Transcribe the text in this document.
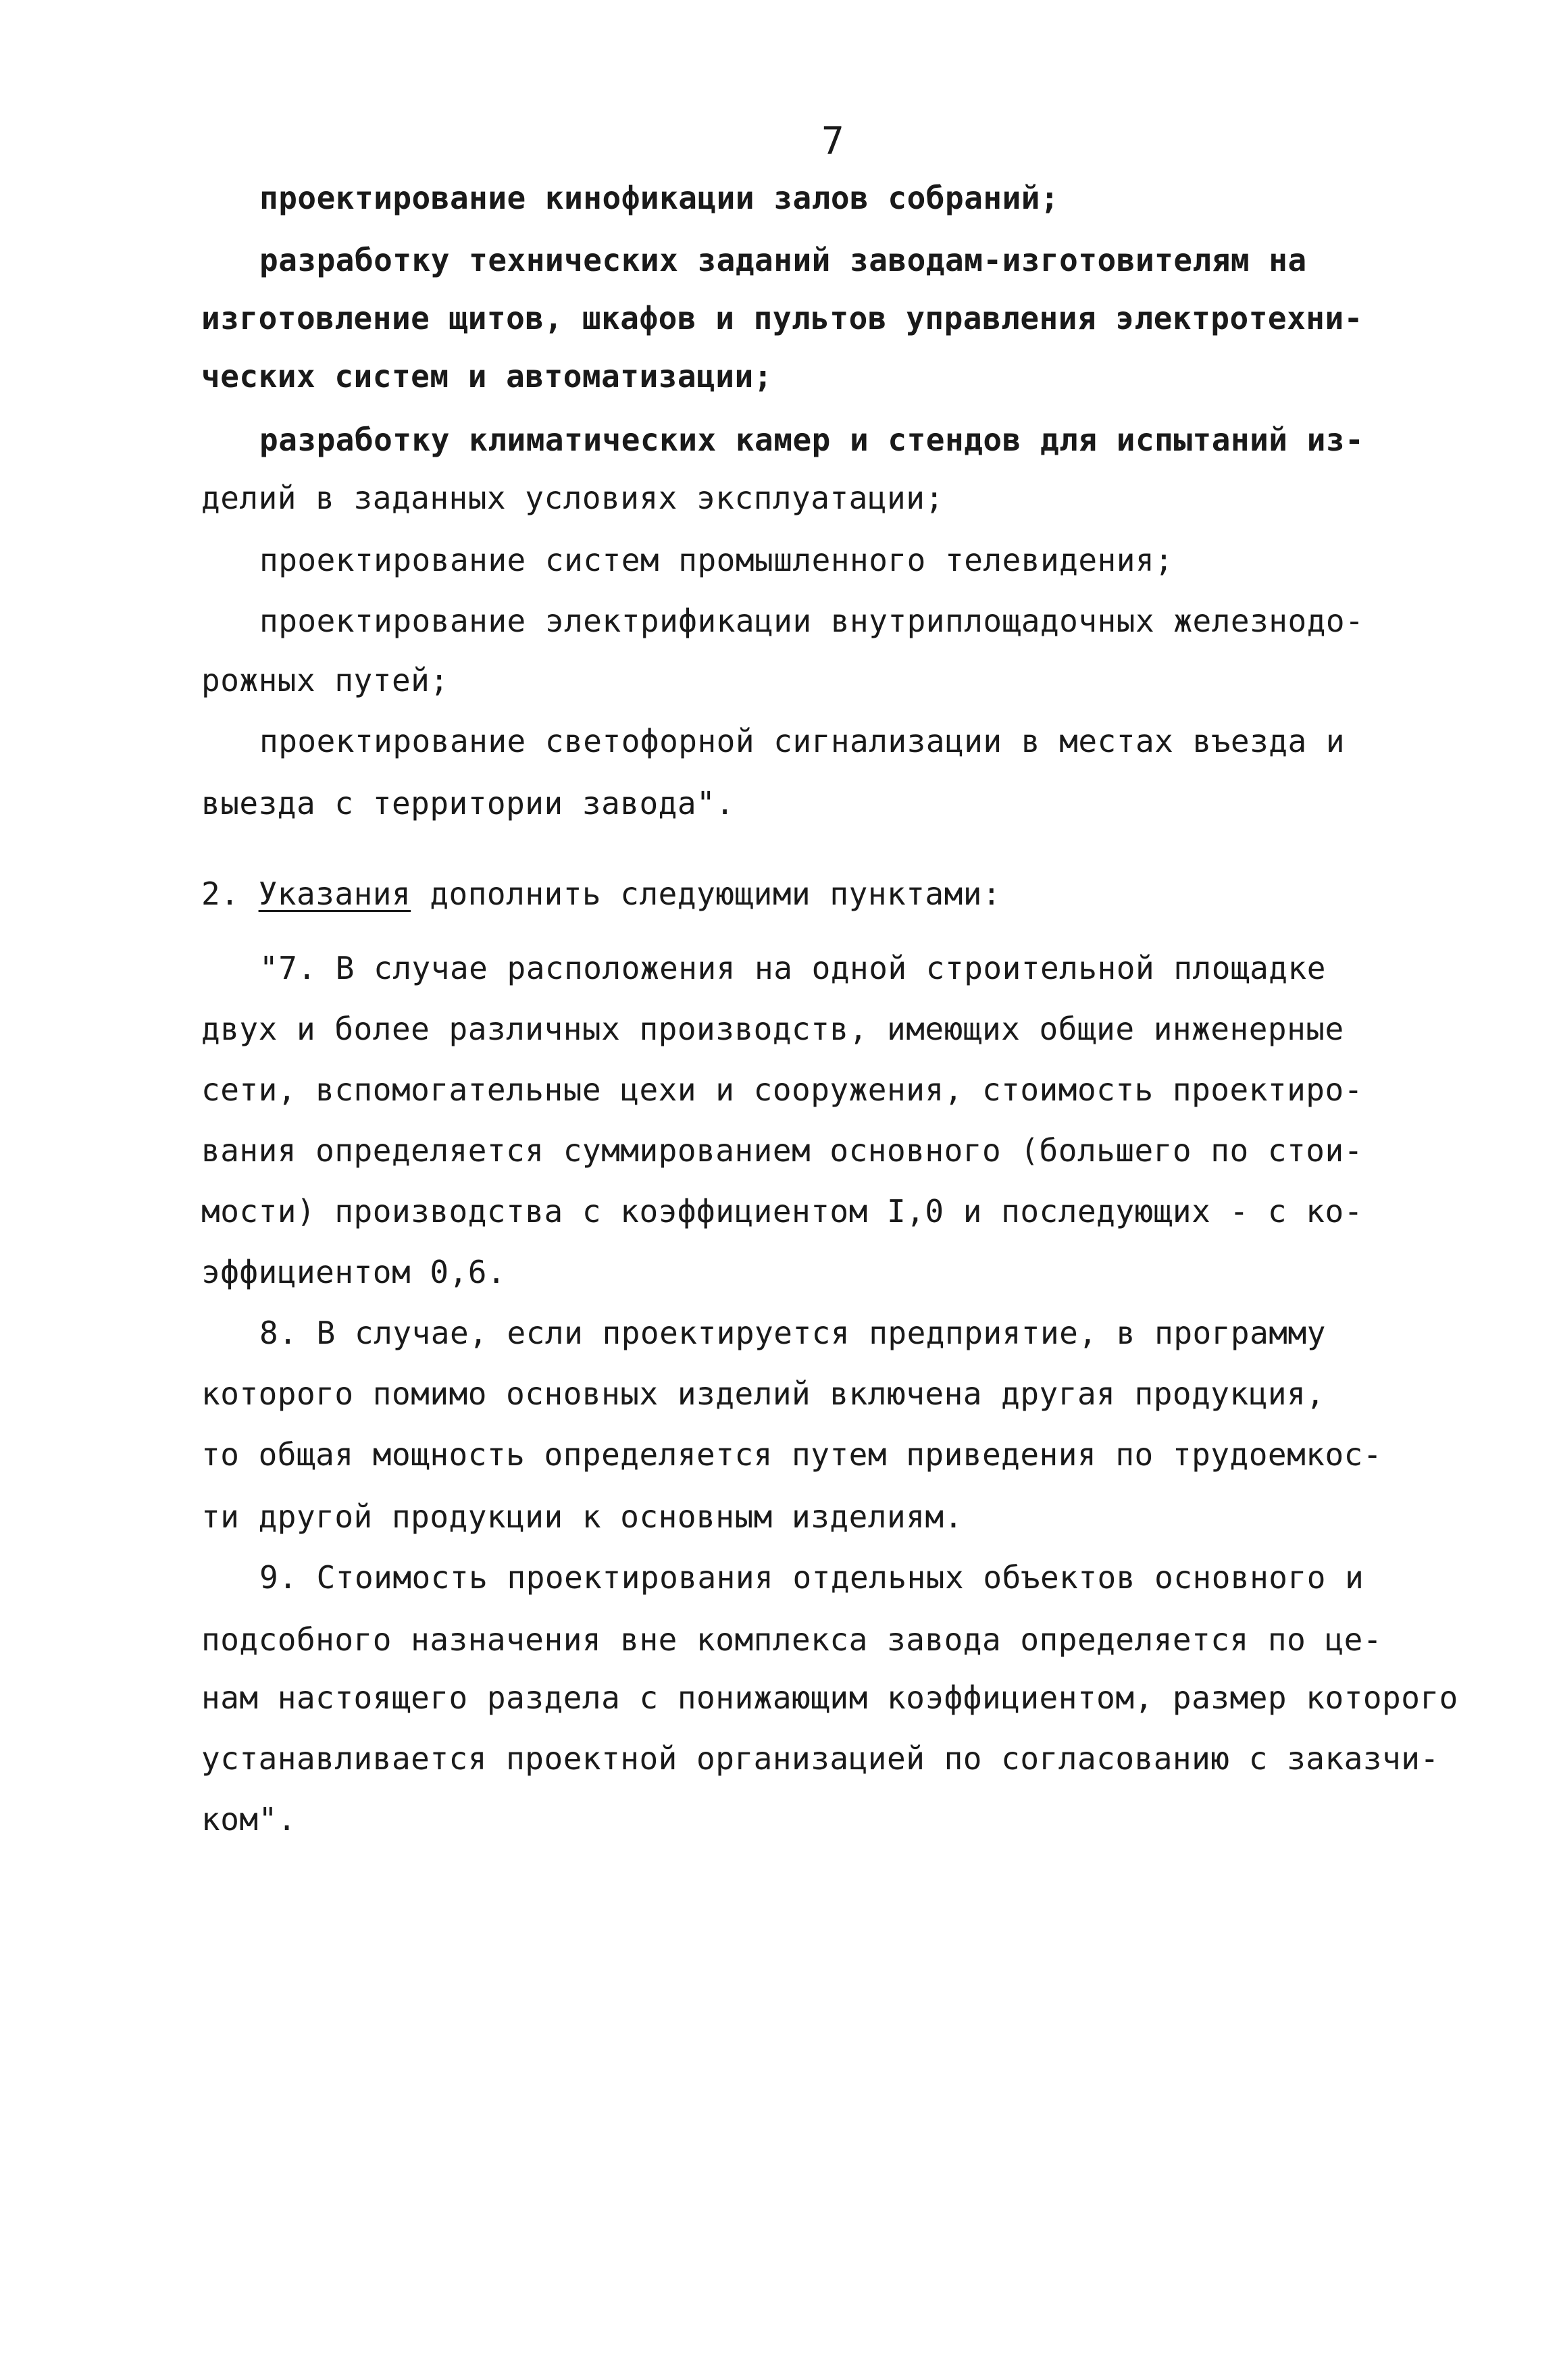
7
проектирование кинофикации залов собраний;
разработку технических заданий заводам-изготовителям на
изготовление щитов, шкафов и пультов управления электротехни-
ческих систем и автоматизации;
разработку климатических камер и стендов для испытаний из-
делий в заданных условиях эксплуатации;
проектирование систем промышленного телевидения;
проектирование электрификации внутриплощадочных железнодо-
рожных путей;
проектирование светофорной сигнализации в местах въезда и
выезда с территории завода".
2. Указания дополнить следующими пунктами:
"7. В случае расположения на одной строительной площадке
двух и более различных производств, имеющих общие инженерные
сети, вспомогательные цехи и сооружения, стоимость проектиро-
вания определяется суммированием основного (большего по стои-
мости) производства с коэффициентом I,0 и последующих - с ко-
эффициентом 0,6.
8. В случае, если проектируется предприятие, в программу
которого помимо основных изделий включена другая продукция,
то общая мощность определяется путем приведения по трудоемкос-
ти другой продукции к основным изделиям.
9. Стоимость проектирования отдельных объектов основного и
подсобного назначения вне комплекса завода определяется по це-
нам настоящего раздела с понижающим коэффициентом, размер которого
устанавливается проектной организацией по согласованию с заказчи-
ком".
